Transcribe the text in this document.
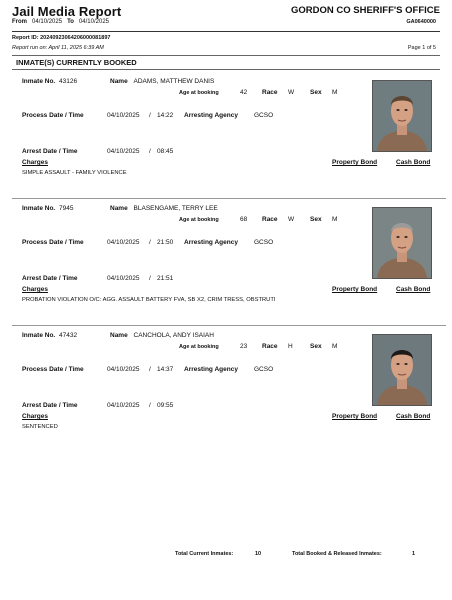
Jail Media Report	GORDON CO SHERIFF'S OFFICE
From 04/10/2025 To 04/10/2025	GA0640000
Report ID: 20240923064206000081897
Report run on: April 11, 2025 6:39 AM	Page 1 of 5
INMATE(S) CURRENTLY BOOKED
Inmate No. 43126	Name ADAMS, MATTHEW DANIS
Age at booking	42 Race W Sex M
Process Date / Time	04/10/2025 / 14:22 Arresting Agency GCSO
Arrest Date / Time	04/10/2025 / 08:45
Charges	Property Bond	Cash Bond
SIMPLE ASSAULT - FAMILY VIOLENCE
Inmate No. 7945	Name BLASENGAME, TERRY LEE
Age at booking	68 Race W Sex M
Process Date / Time	04/10/2025 / 21:50 Arresting Agency GCSO
Arrest Date / Time	04/10/2025 / 21:51
Charges	Property Bond	Cash Bond
PROBATION VIOLATION O/C: AGG. ASSAULT BATTERY FVA, SB X2, CRIM TRESS, OBSTRUTI
Inmate No. 47432	Name CANCHOLA, ANDY ISAIAH
Age at booking	23 Race H	Sex M
Process Date / Time	04/10/2025 / 14:37 Arresting Agency GCSO
Arrest Date / Time	04/10/2025 / 09:55
Charges	Property Bond	Cash Bond
SENTENCED
Total Current Inmates:	10	Total Booked & Released Inmates:	1
